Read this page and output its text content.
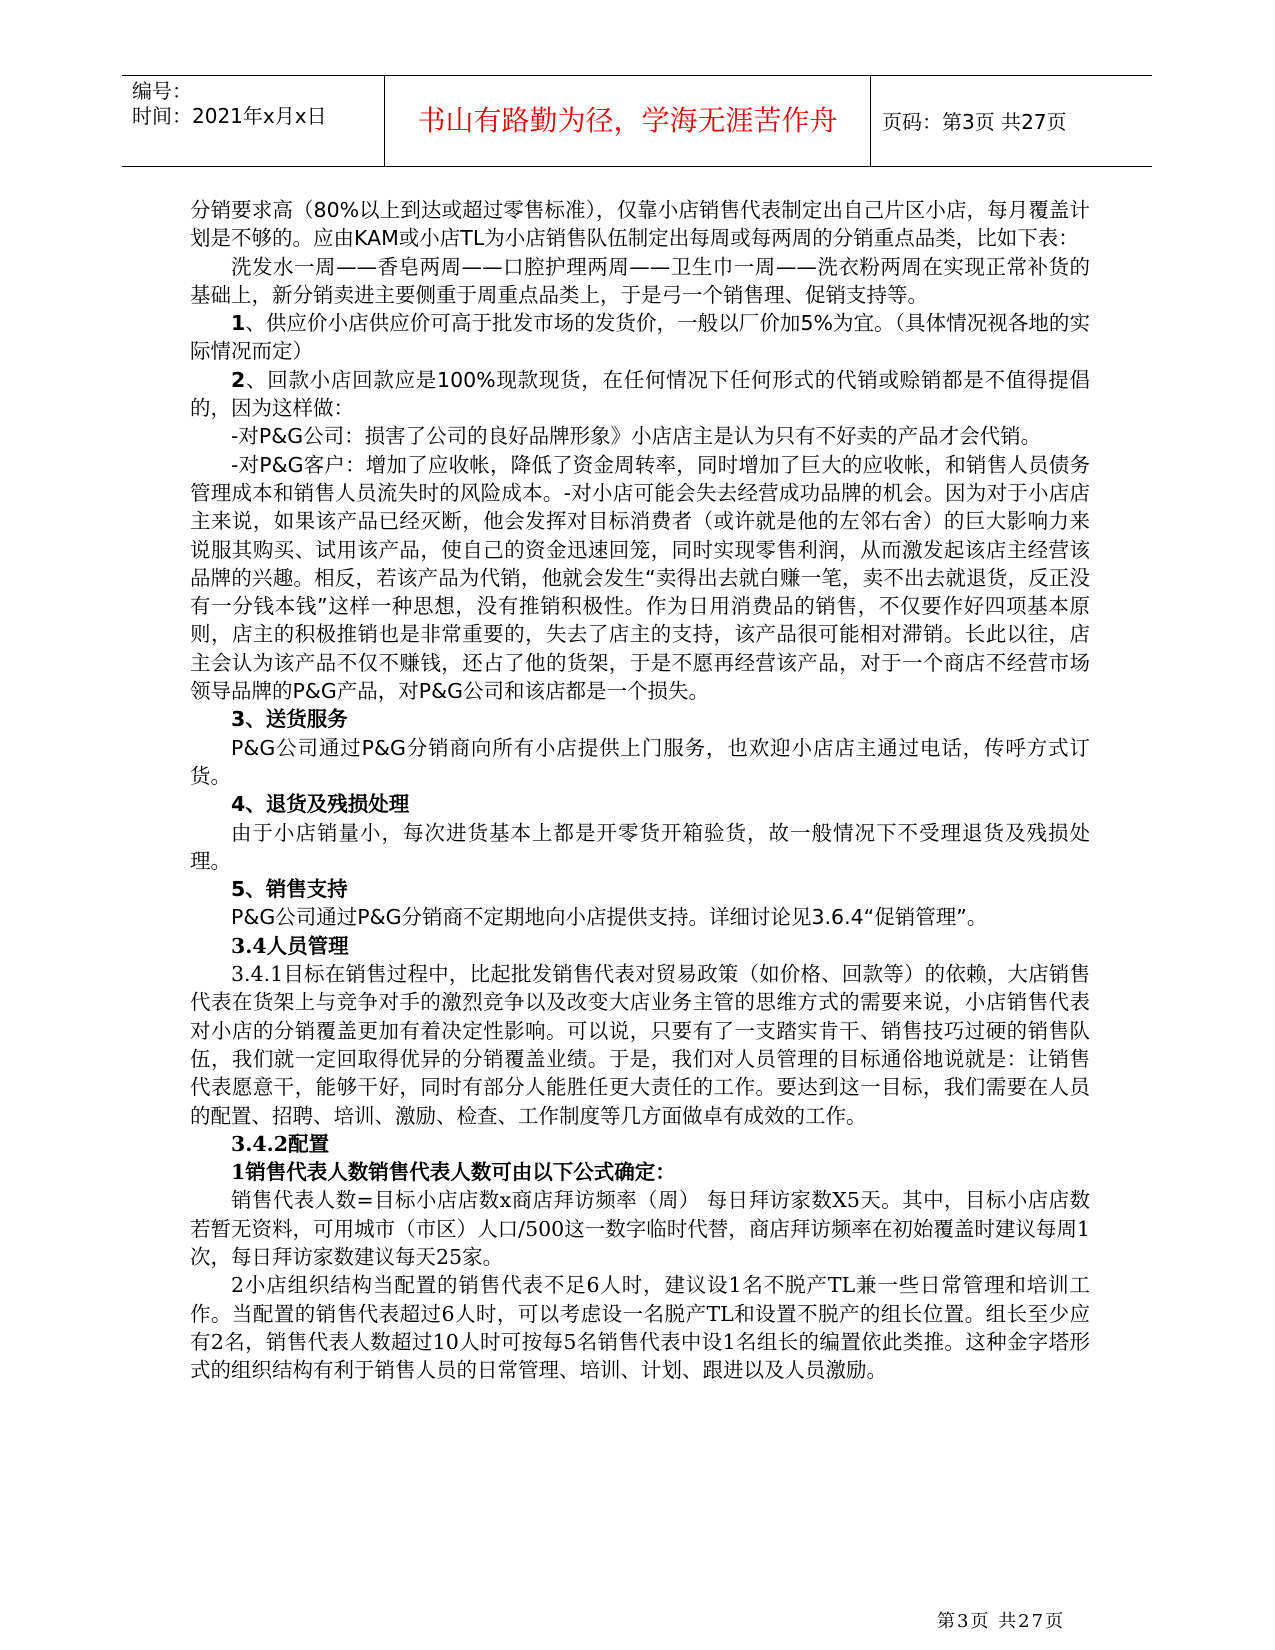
编号：
时间：2021年x月x日	书山有路勤为径，学海无涯苦作舟	页码：第3页 共27页

分销要求高（80%以上到达或超过零售标准），仅靠小店销售代表制定出自己片区小店，每月覆盖计划是不够的。应由KAM或小店TL为小店销售队伍制定出每周或每两周的分销重点品类，比如下表：

洗发水一周——香皂两周——口腔护理两周——卫生巾一周——洗衣粉两周在实现正常补货的基础上，新分销卖进主要侧重于周重点品类上，于是弓一个销售理、促销支持等。

1、供应价小店供应价可高于批发市场的发货价，一般以厂价加5%为宜。（具体情况视各地的实际情况而定）

2、回款小店回款应是100%现款现货，在任何情况下任何形式的代销或赊销都是不值得提倡的，因为这样做：

-对P&G公司：损害了公司的良好品牌形象》小店店主是认为只有不好卖的产品才会代销。

-对P&G客户：增加了应收帐，降低了资金周转率，同时增加了巨大的应收帐，和销售人员债务管理成本和销售人员流失时的风险成本。-对小店可能会失去经营成功品牌的机会。因为对于小店店主来说，如果该产品已经灭断，他会发挥对目标消费者（或许就是他的左邻右舍）的巨大影响力来说服其购买、试用该产品，使自己的资金迅速回笼，同时实现零售利润，从而激发起该店主经营该品牌的兴趣。相反，若该产品为代销，他就会发生“卖得出去就白赚一笔，卖不出去就退货，反正没有一分钱本钱”这样一种思想，没有推销积极性。作为日用消费品的销售，不仅要作好四项基本原则，店主的积极推销也是非常重要的，失去了店主的支持，该产品很可能相对滞销。长此以往，店主会认为该产品不仅不赚钱，还占了他的货架，于是不愿再经营该产品，对于一个商店不经营市场领导品牌的P&G产品，对P&G公司和该店都是一个损失。

3、送货服务

P&G公司通过P&G分销商向所有小店提供上门服务，也欢迎小店店主通过电话，传呼方式订货。

4、退货及残损处理

由于小店销量小，每次进货基本上都是开零货开箱验货，故一般情况下不受理退货及残损处理。

5、销售支持

P&G公司通过P&G分销商不定期地向小店提供支持。详细讨论见3.6.4“促销管理”。

3.4人员管理

3.4.1目标在销售过程中，比起批发销售代表对贸易政策（如价格、回款等）的依赖，大店销售代表在货架上与竞争对手的激烈竞争以及改变大店业务主管的思维方式的需要来说，小店销售代表对小店的分销覆盖更加有着决定性影响。可以说，只要有了一支踏实肯干、销售技巧过硬的销售队伍，我们就一定回取得优异的分销覆盖业绩。于是，我们对人员管理的目标通俗地说就是：让销售代表愿意干，能够干好，同时有部分人能胜任更大责任的工作。要达到这一目标，我们需要在人员的配置、招聘、培训、激励、检查、工作制度等几方面做卓有成效的工作。

3.4.2配置

1销售代表人数销售代表人数可由以下公式确定：

销售代表人数=目标小店店数x商店拜访频率（周） 每日拜访家数X5天。其中，目标小店店数若暂无资料，可用城市（市区）人口/500这一数字临时代替，商店拜访频率在初始覆盖时建议每周1次，每日拜访家数建议每天25家。

2小店组织结构当配置的销售代表不足6人时，建议设1名不脱产TL兼一些日常管理和培训工作。当配置的销售代表超过6人时，可以考虑设一名脱产TL和设置不脱产的组长位置。组长至少应有2名，销售代表人数超过10人时可按每5名销售代表中设1名组长的编置依此类推。这种金字塔形式的组织结构有利于销售人员的日常管理、培训、计划、跟进以及人员激励。

第3页 共27页
